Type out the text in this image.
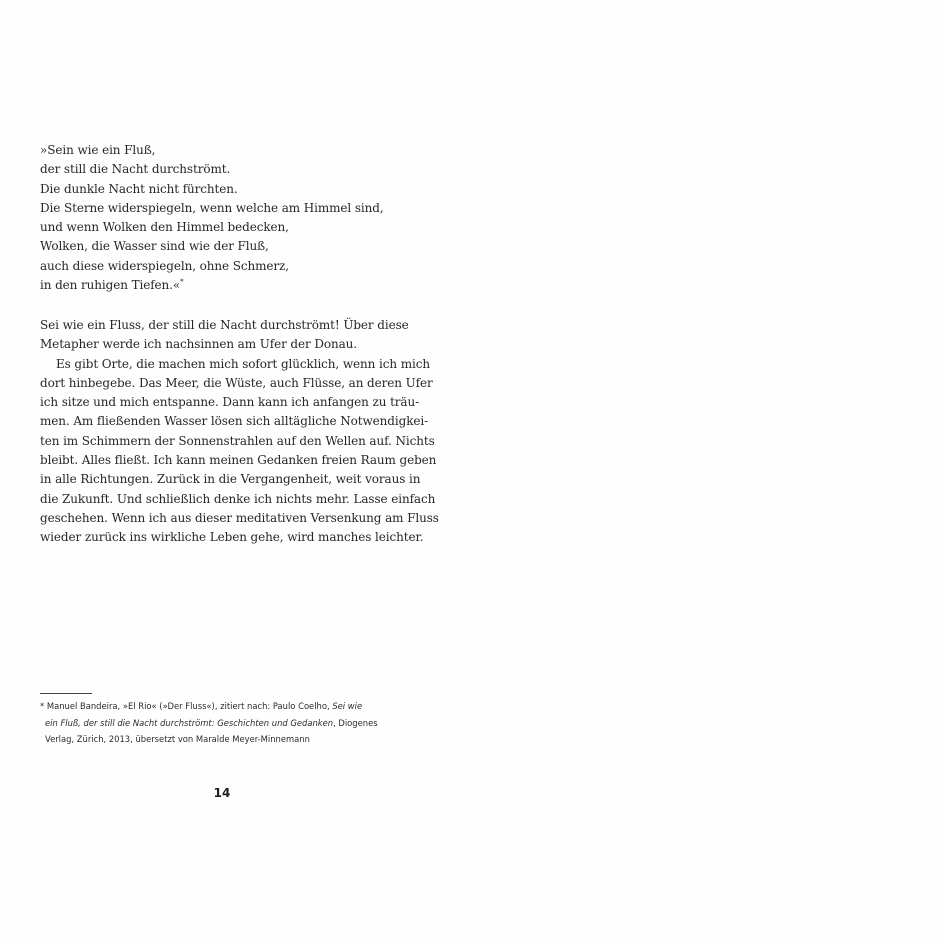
»Sein wie ein Fluß,
der still die Nacht durchströmt.
Die dunkle Nacht nicht fürchten.
Die Sterne widerspiegeln, wenn welche am Himmel sind,
und wenn Wolken den Himmel bedecken,
Wolken, die Wasser sind wie der Fluß,
auch diese widerspiegeln, ohne Schmerz,
in den ruhigen Tiefen.«*
Sei wie ein Fluss, der still die Nacht durchströmt! Über diese
Metapher werde ich nachsinnen am Ufer der Donau.
Es gibt Orte, die machen mich sofort glücklich, wenn ich mich
dort hinbegebe. Das Meer, die Wüste, auch Flüsse, an deren Ufer
ich sitze und mich entspanne. Dann kann ich anfangen zu träu-
men. Am fließenden Wasser lösen sich alltägliche Notwendigkei-
ten im Schimmern der Sonnenstrahlen auf den Wellen auf. Nichts
bleibt. Alles fließt. Ich kann meinen Gedanken freien Raum geben
in alle Richtungen. Zurück in die Vergangenheit, weit voraus in
die Zukunft. Und schließlich denke ich nichts mehr. Lasse einfach
geschehen. Wenn ich aus dieser meditativen Versenkung am Fluss
wieder zurück ins wirkliche Leben gehe, wird manches leichter.
* Manuel Bandeira, »El Rio« (»Der Fluss«), zitiert nach: Paulo Coelho, Sei wie
ein Fluß, der still die Nacht durchströmt: Geschichten und Gedanken, Diogenes
Verlag, Zürich, 2013, übersetzt von Maralde Meyer-Minnemann
14
